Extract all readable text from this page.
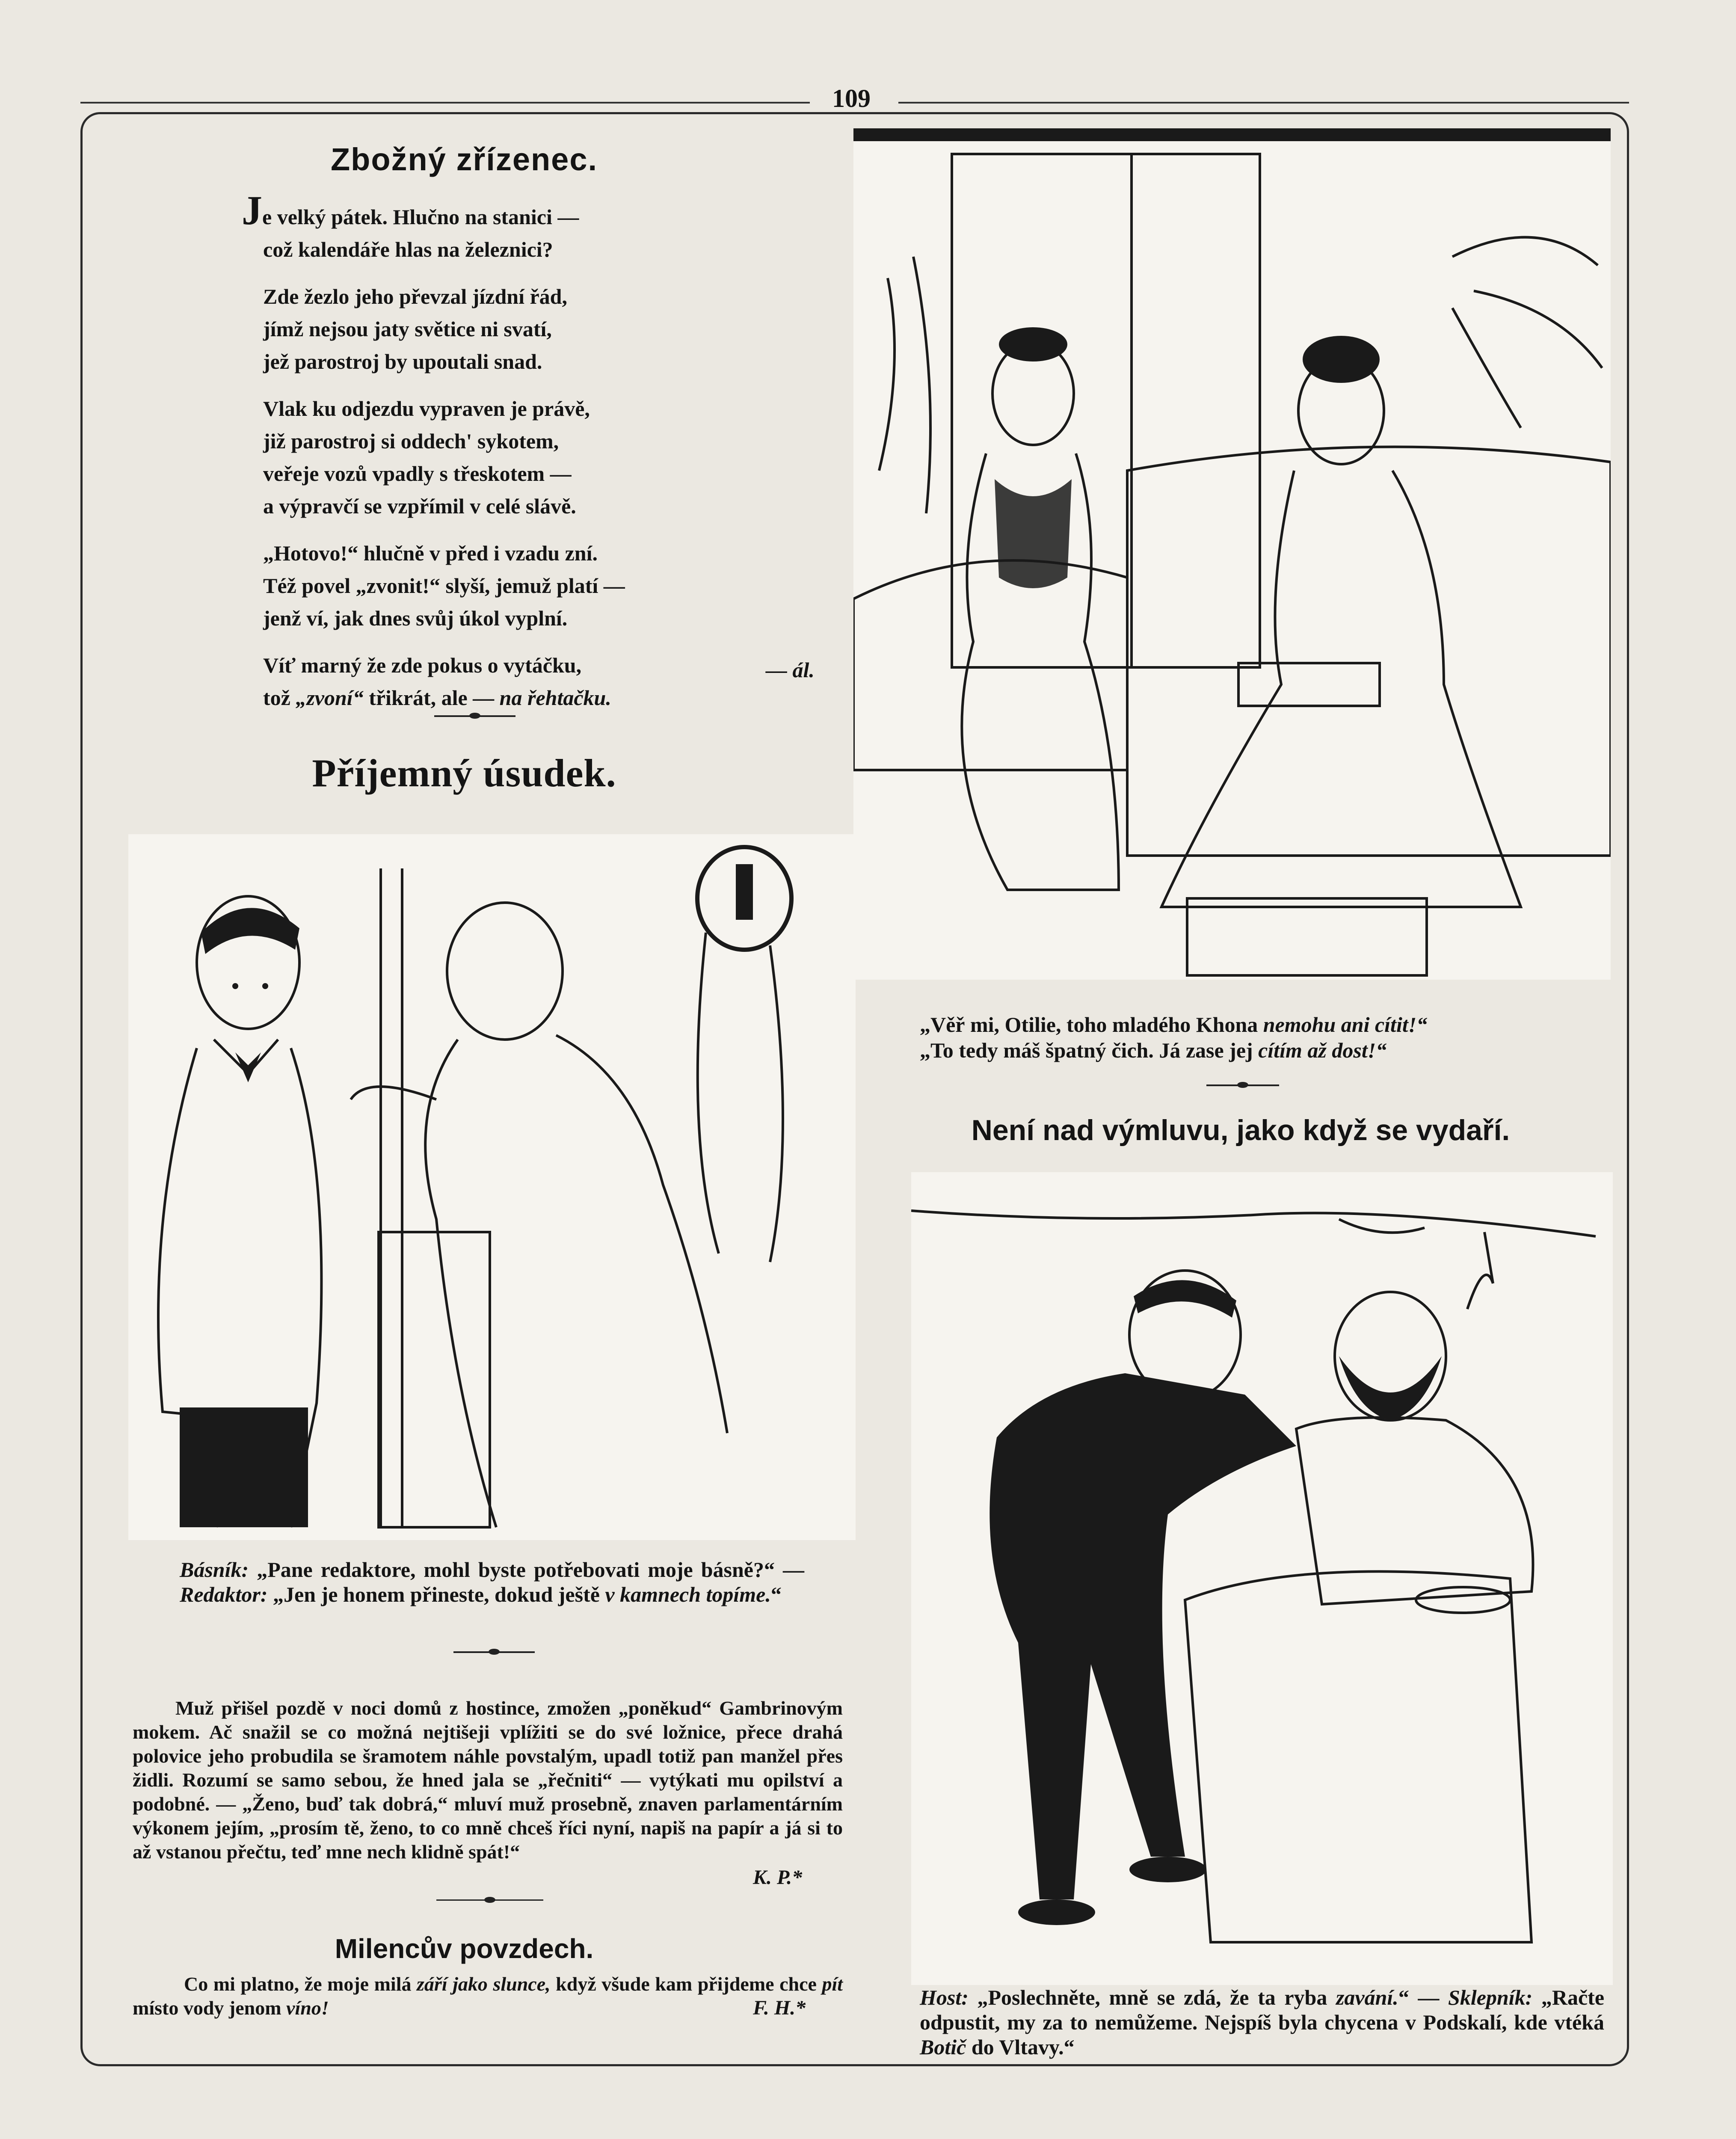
109
Zbožný zřízenec.
Je velký pátek. Hlučno na stanici —
což kalendáře hlas na železnici?
Zde žezlo jeho převzal jízdní řád,
jímž nejsou jaty světice ni svatí,
jež parostroj by upoutali snad.
Vlak ku odjezdu vypraven je právě,
již parostroj si oddech' sykotem,
veřeje vozů vpadly s třeskotem —
a výpravčí se vzpřímil v celé slávě.
„Hotovo!“ hlučně v před i vzadu zní.
Též povel „zvonit!“ slyší, jemuž platí —
jenž ví, jak dnes svůj úkol vyplní.
Víť marný že zde pokus o vytáčku,
tož „zvoní“ třikrát, ale — na řehtačku.
— ál.
Příjemný úsudek.
Básník: „Pane redaktore, mohl byste potřebovati moje básně?“ — Redaktor: „Jen je honem přineste, dokud ještě v kamnech topíme.“
Muž přišel pozdě v noci domů z hostince, zmožen „poněkud“ Gambrinovým mokem. Ač snažil se co možná nejtišeji vplížiti se do své ložnice, přece drahá polovice jeho probudila se šramotem náhle povstalým, upadl totiž pan manžel přes židli. Rozumí se samo sebou, že hned jala se „řečniti“ — vytýkati mu opilství a podobné. — „Ženo, buď tak dobrá,“ mluví muž prosebně, znaven parlamentárním výkonem jejím, „prosím tě, ženo, to co mně chceš říci nyní, napiš na papír a já si to až vstanou přečtu, teď mne nech klidně spát!“
K. P.*
Milencův povzdech.
Co mi platno, že moje milá září jako slunce, když všude kam přijdeme chce pít místo vody jenom víno!	F. H.*
„Věř mi, Otilie, toho mladého Khona nemohu ani cítit!“
„To tedy máš špatný čich. Já zase jej cítím až dost!“
Není nad výmluvu, jako když se vydaří.
Host: „Poslechněte, mně se zdá, že ta ryba zavání.“ — Sklepník: „Račte odpustit, my za to nemůžeme. Nejspíš byla chycena v Podskalí, kde vtéká Botič do Vltavy.“
